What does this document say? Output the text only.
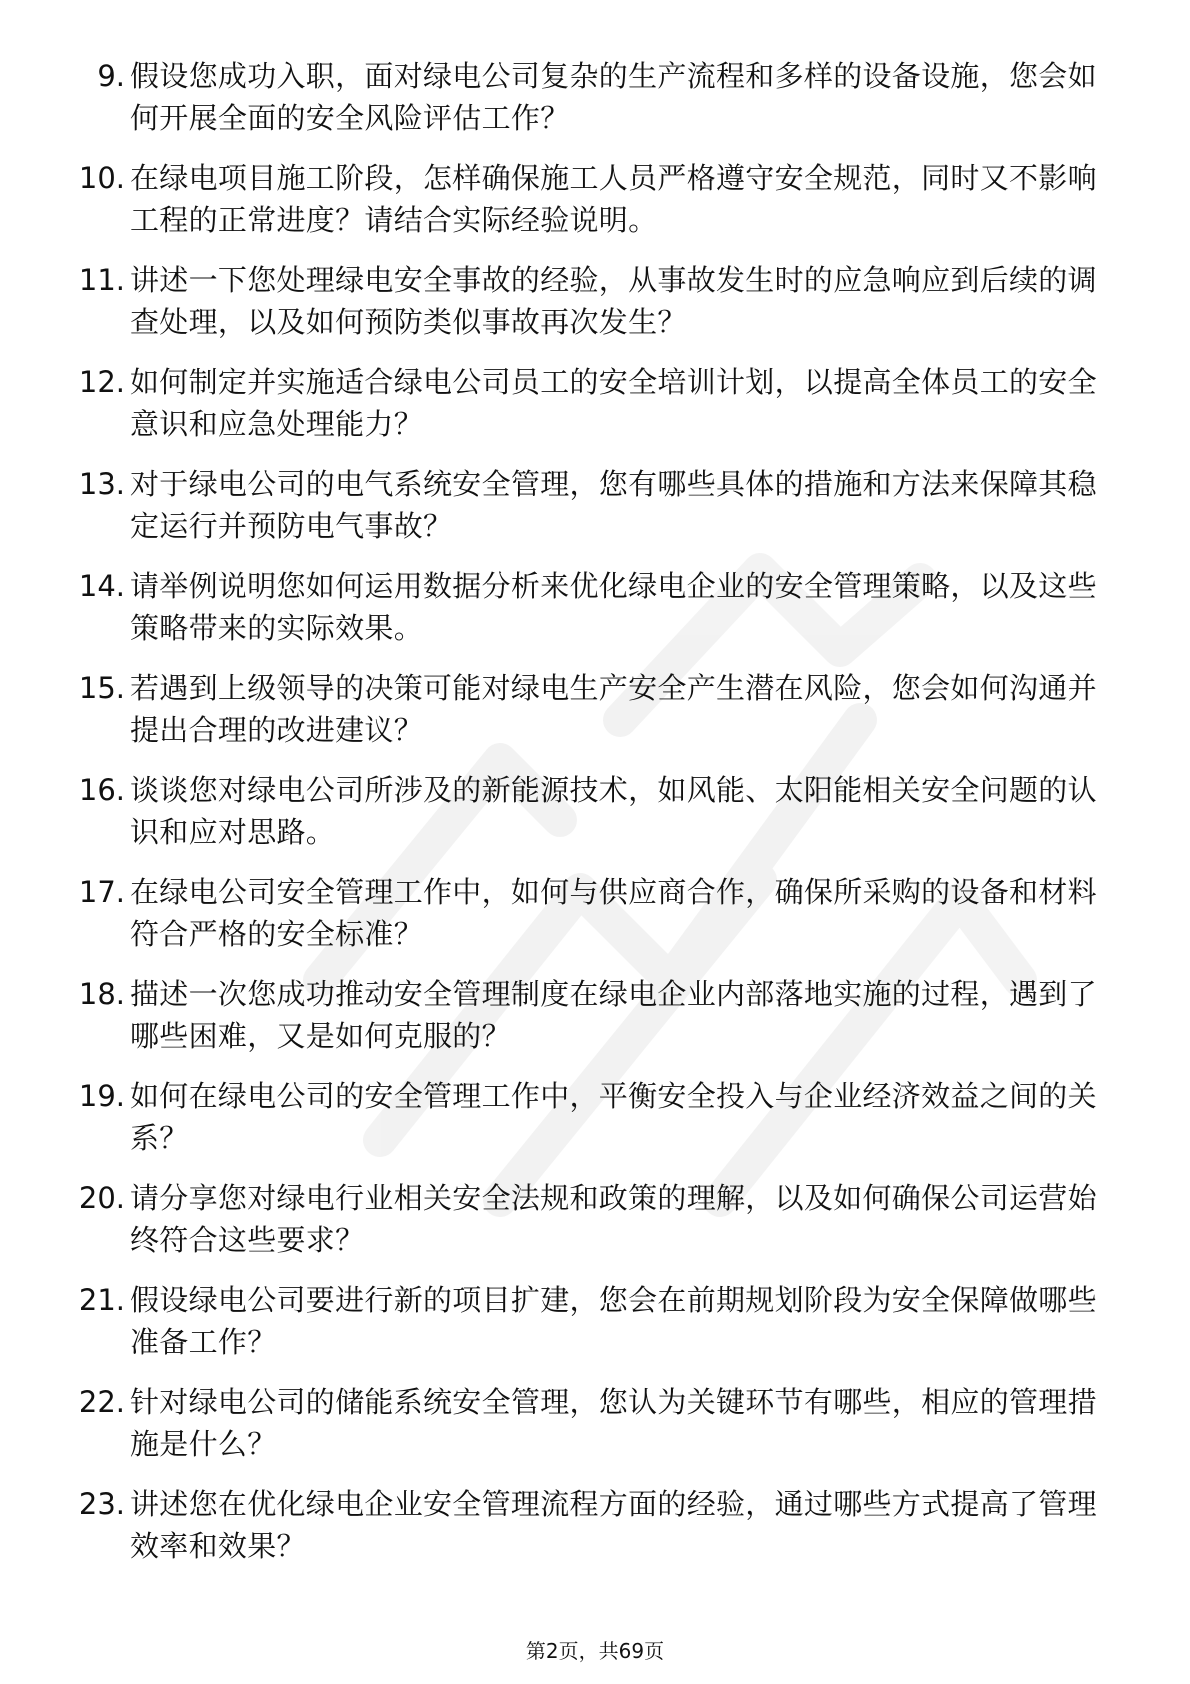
9. 假设您成功入职，面对绿电公司复杂的生产流程和多样的设备设施，您会如何开展全面的安全风险评估工作？
10. 在绿电项目施工阶段，怎样确保施工人员严格遵守安全规范，同时又不影响工程的正常进度？请结合实际经验说明。
11. 讲述一下您处理绿电安全事故的经验，从事故发生时的应急响应到后续的调查处理，以及如何预防类似事故再次发生？
12. 如何制定并实施适合绿电公司员工的安全培训计划，以提高全体员工的安全意识和应急处理能力？
13. 对于绿电公司的电气系统安全管理，您有哪些具体的措施和方法来保障其稳定运行并预防电气事故？
14. 请举例说明您如何运用数据分析来优化绿电企业的安全管理策略，以及这些策略带来的实际效果。
15. 若遇到上级领导的决策可能对绿电生产安全产生潜在风险，您会如何沟通并提出合理的改进建议？
16. 谈谈您对绿电公司所涉及的新能源技术，如风能、太阳能相关安全问题的认识和应对思路。
17. 在绿电公司安全管理工作中，如何与供应商合作，确保所采购的设备和材料符合严格的安全标准？
18. 描述一次您成功推动安全管理制度在绿电企业内部落地实施的过程，遇到了哪些困难，又是如何克服的？
19. 如何在绿电公司的安全管理工作中，平衡安全投入与企业经济效益之间的关系？
20. 请分享您对绿电行业相关安全法规和政策的理解，以及如何确保公司运营始终符合这些要求？
21. 假设绿电公司要进行新的项目扩建，您会在前期规划阶段为安全保障做哪些准备工作？
22. 针对绿电公司的储能系统安全管理，您认为关键环节有哪些，相应的管理措施是什么？
23. 讲述您在优化绿电企业安全管理流程方面的经验，通过哪些方式提高了管理效率和效果？
第2页，共69页
